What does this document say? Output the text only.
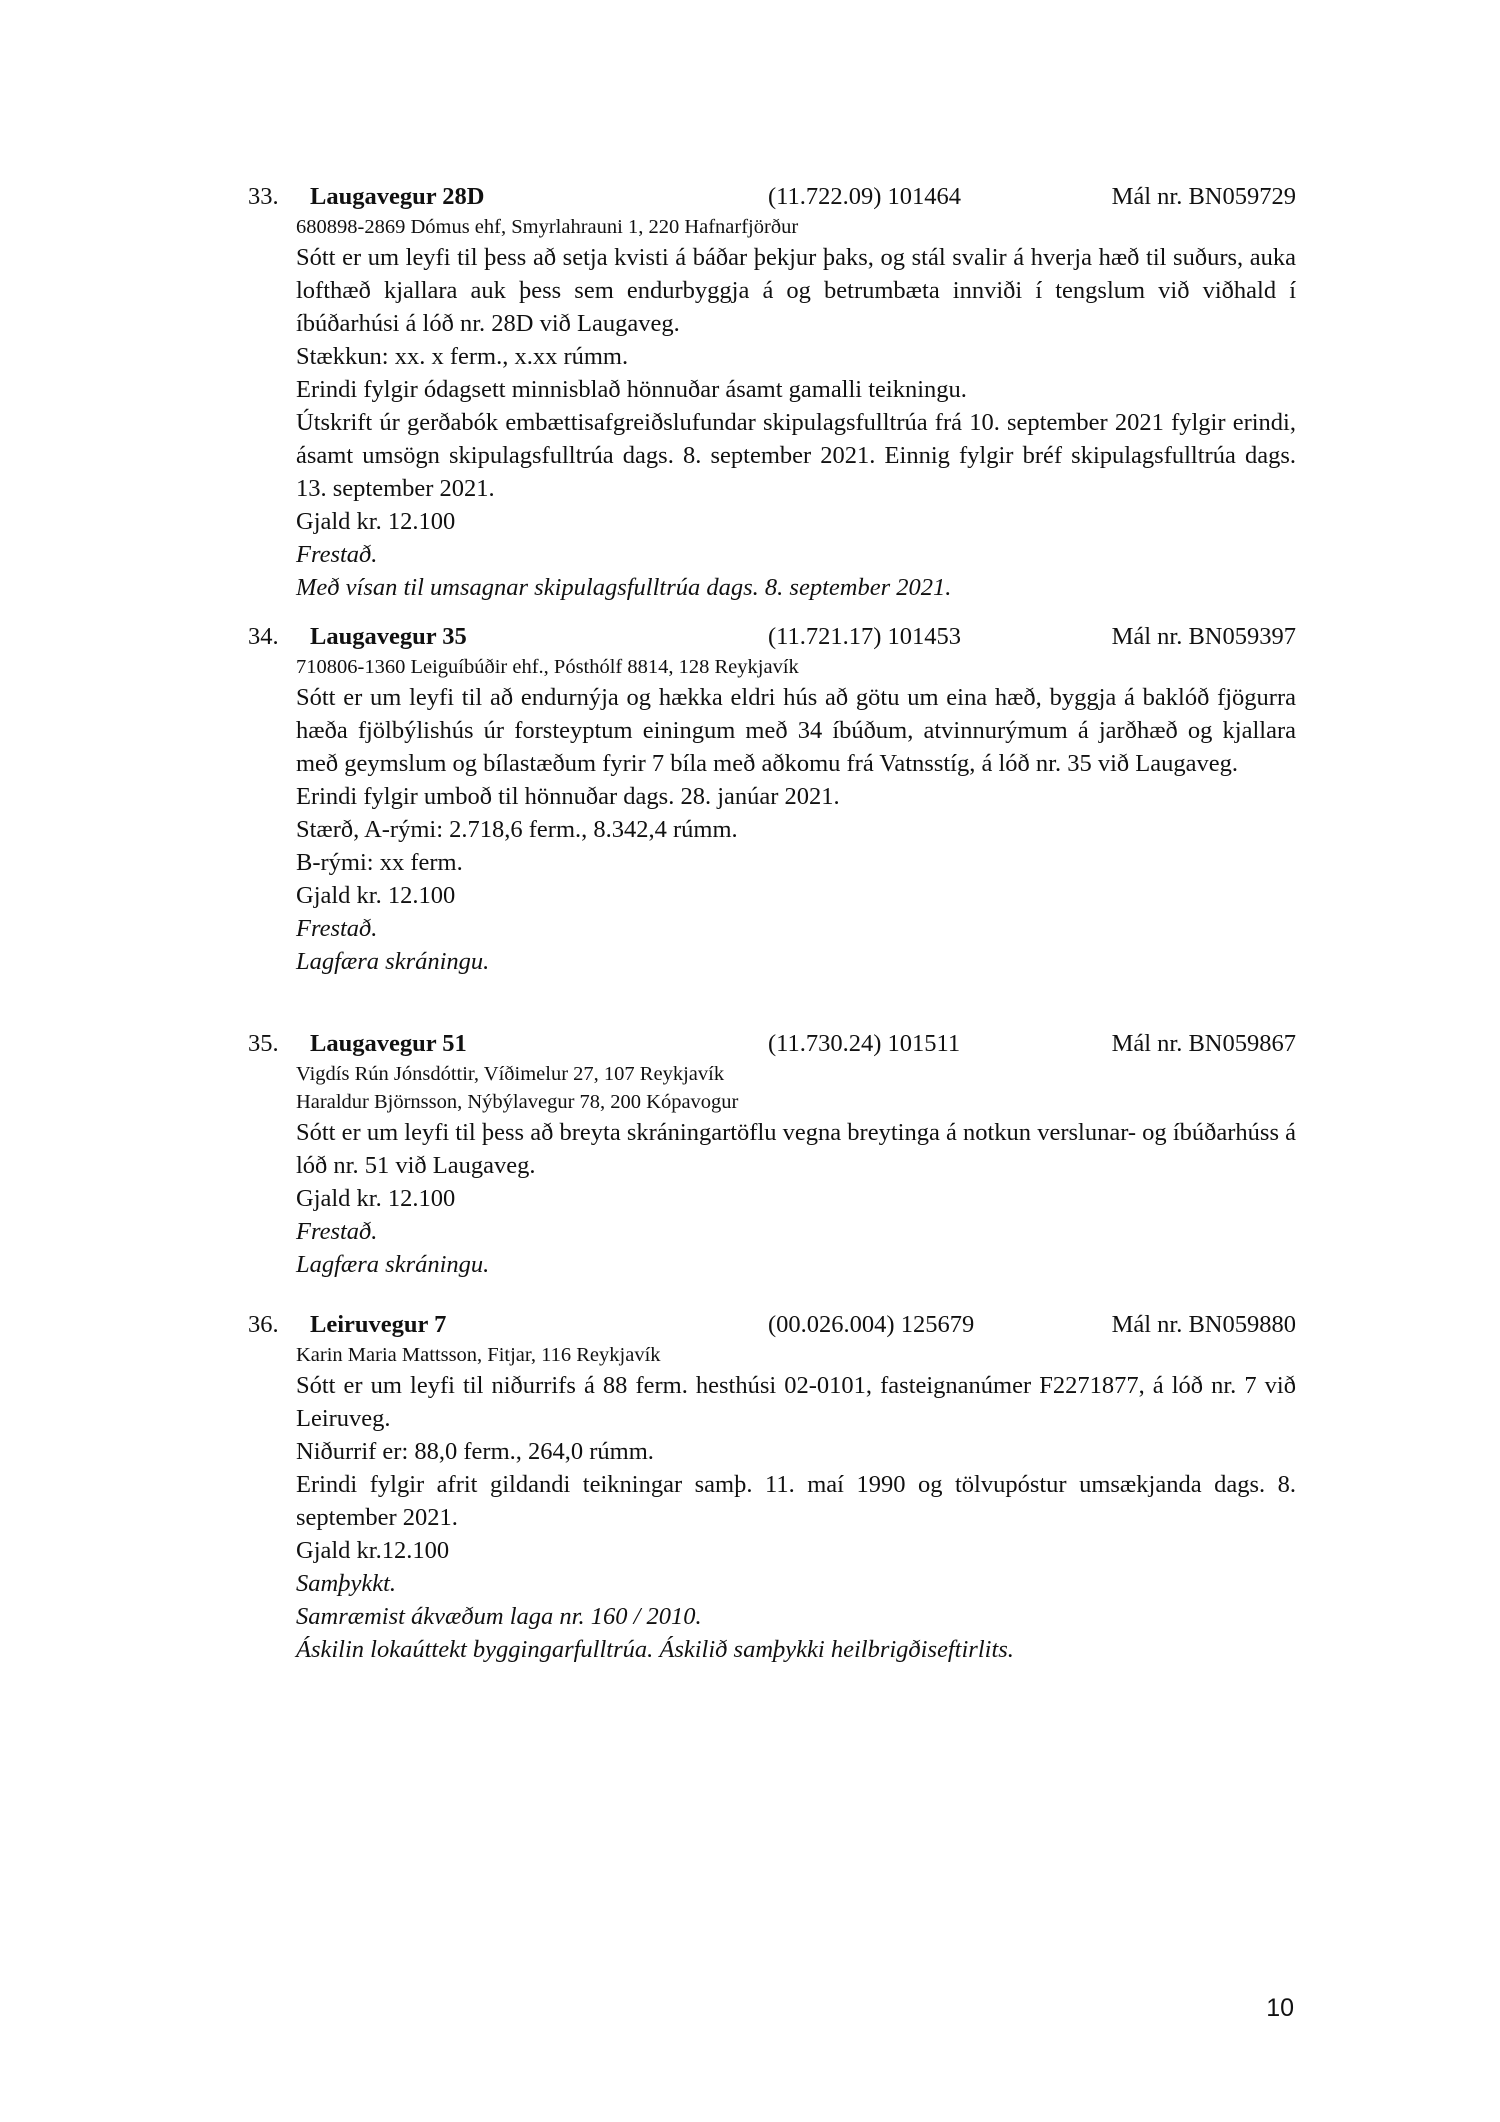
33. Laugavegur 28D	(11.722.09) 101464	Mál nr. BN059729
680898-2869 Dómus ehf, Smyrlahrauni 1, 220 Hafnarfjörður

Sótt er um leyfi til þess að setja kvisti á báðar þekjur þaks, og stál svalir á hverja hæð til suðurs, auka lofthæð kjallara auk þess sem endurbyggja á og betrumbæta innviði í tengslum við viðhald í íbúðarhúsi á lóð nr. 28D við Laugaveg.

Stækkun: xx. x ferm., x.xx rúmm.
Erindi fylgir ódagsett minnisblað hönnuðar ásamt gamalli teikningu.

Útskrift úr gerðabók embættisafgreiðslufundar skipulagsfulltrúa frá 10. september 2021 fylgir erindi, ásamt umsögn skipulagsfulltrúa dags. 8. september 2021. Einnig fylgir bréf skipulagsfulltrúa dags. 13. september 2021.

Gjald kr. 12.100
Frestað.
Með vísan til umsagnar skipulagsfulltrúa dags. 8. september 2021.
34. Laugavegur 35	(11.721.17) 101453	Mál nr. BN059397
710806-1360 Leiguíbúðir ehf., Pósthólf 8814, 128 Reykjavík

Sótt er um leyfi til að endurnýja og hækka eldri hús að götu um eina hæð, byggja á baklóð fjögurra hæða fjölbýlishús úr forsteyptum einingum með 34 íbúðum, atvinnurýmum á jarðhæð og kjallara með geymslum og bílastæðum fyrir 7 bíla með aðkomu frá Vatnsstíg, á lóð nr. 35 við Laugaveg.

Erindi fylgir umboð til hönnuðar dags. 28. janúar 2021.
Stærð, A-rými: 2.718,6 ferm., 8.342,4 rúmm.
B-rými: xx ferm.
Gjald kr. 12.100
Frestað.
Lagfæra skráningu.
35. Laugavegur 51	(11.730.24) 101511	Mál nr. BN059867
Vigdís Rún Jónsdóttir, Víðimelur 27, 107 Reykjavík
Haraldur Björnsson, Nýbýlavegur 78, 200 Kópavogur

Sótt er um leyfi til þess að breyta skráningartöflu vegna breytinga á notkun verslunar- og íbúðarhúss á lóð nr. 51 við Laugaveg.

Gjald kr. 12.100
Frestað.
Lagfæra skráningu.
36. Leiruvegur 7	(00.026.004) 125679	Mál nr. BN059880
Karin Maria Mattsson, Fitjar, 116 Reykjavík

Sótt er um leyfi til niðurrifs á 88 ferm. hesthúsi 02-0101, fasteignanúmer F2271877, á lóð nr. 7 við Leiruveg.

Niðurrif er: 88,0 ferm., 264,0 rúmm.

Erindi fylgir afrit gildandi teikningar samþ. 11. maí 1990 og tölvupóstur umsækjanda dags. 8. september 2021.

Gjald kr.12.100
Samþykkt.
Samræmist ákvæðum laga nr. 160 / 2010.
Áskilin lokaúttekt byggingarfulltrúa. Áskilið samþykki heilbrigðiseftirlits.
10
